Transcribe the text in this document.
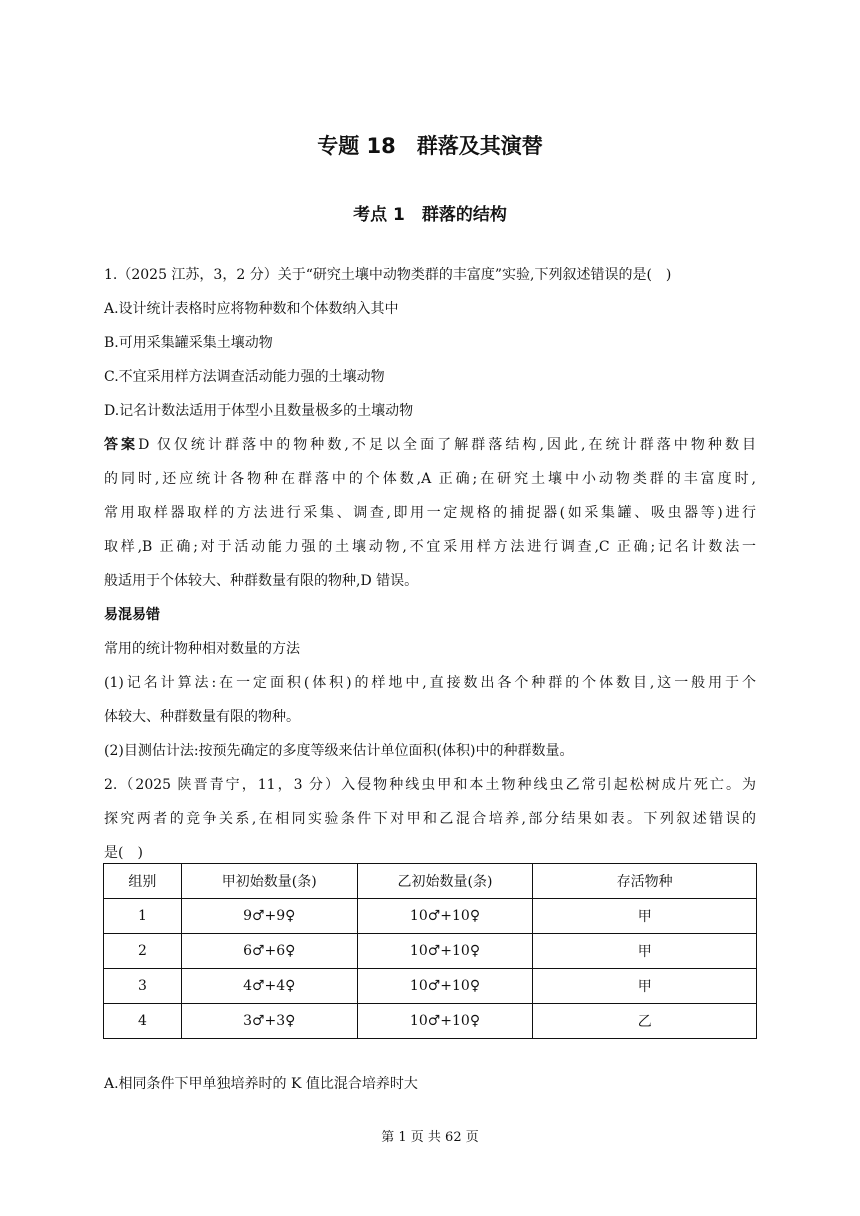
专题 18　群落及其演替
考点 1　群落的结构
1.（2025 江苏，3，2 分）关于“研究土壤中动物类群的丰富度”实验,下列叙述错误的是(　)
A.设计统计表格时应将物种数和个体数纳入其中
B.可用采集罐采集土壤动物
C.不宜采用样方法调查活动能力强的土壤动物
D.记名计数法适用于体型小且数量极多的土壤动物
答案D 仅仅统计群落中的物种数,不足以全面了解群落结构,因此,在统计群落中物种数目
的同时,还应统计各物种在群落中的个体数,A 正确;在研究土壤中小动物类群的丰富度时,
常用取样器取样的方法进行采集、调查,即用一定规格的捕捉器(如采集罐、吸虫器等)进行
取样,B 正确;对于活动能力强的土壤动物,不宜采用样方法进行调查,C 正确;记名计数法一
般适用于个体较大、种群数量有限的物种,D 错误。
易混易错
常用的统计物种相对数量的方法
(1)记名计算法:在一定面积(体积)的样地中,直接数出各个种群的个体数目,这一般用于个
体较大、种群数量有限的物种。
(2)目测估计法:按预先确定的多度等级来估计单位面积(体积)中的种群数量。
2.（2025 陕晋青宁，11，3 分）入侵物种线虫甲和本土物种线虫乙常引起松树成片死亡。为
探究两者的竞争关系,在相同实验条件下对甲和乙混合培养,部分结果如表。下列叙述错误的
是(　)
组别	甲初始数量(条)	乙初始数量(条)	存活物种
1	9♂+9♀	10♂+10♀	甲
2	6♂+6♀	10♂+10♀	甲
3	4♂+4♀	10♂+10♀	甲
4	3♂+3♀	10♂+10♀	乙
A.相同条件下甲单独培养时的 K 值比混合培养时大
第 1 页 共 62 页
